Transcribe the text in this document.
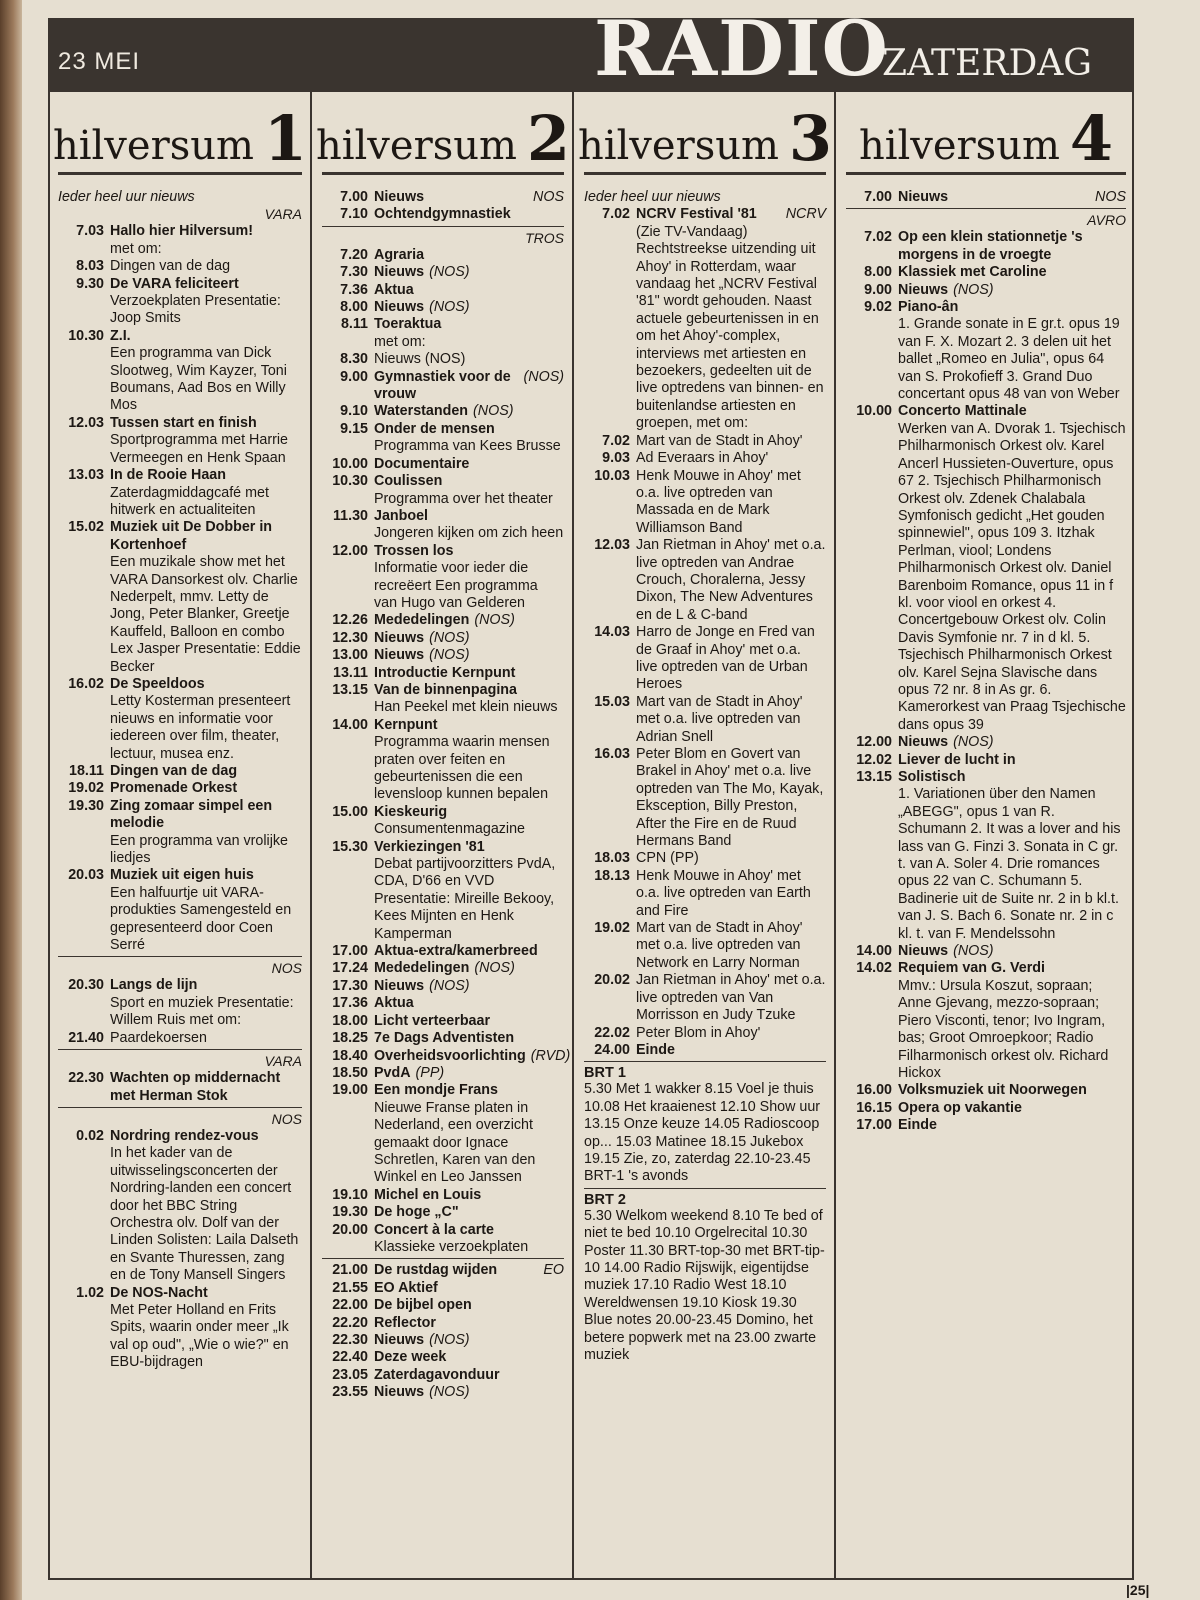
23 MEI	RADIO
ZATERDAG
hilversum 1
Ieder heel uur nieuws
VARA
7.03 Hallo hier Hilversum!
met om:
8.03 Dingen van de dag
9.30 De VARA feliciteert
Verzoekplaten Presentatie: Joop Smits
10.30 Z.I.
Een programma van Dick Slootweg, Wim Kayzer, Toni Boumans, Aad Bos en Willy Mos
12.03 Tussen start en finish
Sportprogramma met Harrie Vermeegen en Henk Spaan
13.03 In de Rooie Haan
Zaterdagmiddagcafé met hitwerk en actualiteiten
15.02 Muziek uit De Dobber in Kortenhoef
Een muzikale show met het VARA Dansorkest olv. Charlie Nederpelt, mmv. Letty de Jong, Peter Blanker, Greetje Kauffeld, Balloon en combo Lex Jasper Presentatie: Eddie Becker
16.02 De Speeldoos
Letty Kosterman presenteert nieuws en informatie voor iedereen over film, theater, lectuur, musea enz.
18.11 Dingen van de dag
19.02 Promenade Orkest
19.30 Zing zomaar simpel een melodie
Een programma van vrolijke liedjes
20.03 Muziek uit eigen huis
Een halfuurtje uit VARA-produkties Samengesteld en gepresenteerd door Coen Serré
NOS
20.30 Langs de lijn
Sport en muziek Presentatie: Willem Ruis met om:
21.40 Paardekoersen
VARA
22.30 Wachten op middernacht met Herman Stok
NOS
0.02 Nordring rendez-vous
In het kader van de uitwisselingsconcerten der Nordring-landen een concert door het BBC String Orchestra olv. Dolf van der Linden Solisten: Laila Dalseth en Svante Thuressen, zang en de Tony Mansell Singers
1.02 De NOS-Nacht
Met Peter Holland en Frits Spits, waarin onder meer „Ik val op oud", „Wie o wie?" en EBU-bijdragen
hilversum 2
7.00 Nieuws	NOS
7.10 Ochtendgymnastiek
TROS
7.20 Agraria
7.30 Nieuws (NOS)
7.36 Aktua
8.00 Nieuws (NOS)
8.11 Toeraktua
met om:
8.30 Nieuws (NOS)
9.00 Gymnastiek voor de vrouw
(NOS)
9.10 Waterstanden (NOS)
9.15 Onder de mensen
Programma van Kees Brusse
10.00 Documentaire
10.30 Coulissen
Programma over het theater
11.30 Janboel
Jongeren kijken om zich heen
12.00 Trossen los
Informatie voor ieder die recreëert Een programma van Hugo van Gelderen
12.26 Mededelingen (NOS)
12.30 Nieuws (NOS)
13.00 Nieuws (NOS)
13.11 Introductie Kernpunt
13.15 Van de binnenpagina
Han Peekel met klein nieuws
14.00 Kernpunt
Programma waarin mensen praten over feiten en gebeurtenissen die een levensloop kunnen bepalen
15.00 Kieskeurig
Consumentenmagazine
15.30 Verkiezingen '81
Debat partijvoorzitters PvdA, CDA, D'66 en VVD Presentatie: Mireille Bekooy, Kees Mijnten en Henk Kamperman
17.00 Aktua-extra/kamerbreed
17.24 Mededelingen (NOS)
17.30 Nieuws (NOS)
17.36 Aktua
18.00 Licht verteerbaar
18.25 7e Dags Adventisten
18.40 Overheidsvoorlichting (RVD)
18.50 PvdA (PP)
19.00 Een mondje Frans
Nieuwe Franse platen in Nederland, een overzicht gemaakt door Ignace Schretlen, Karen van den Winkel en Leo Janssen
19.10 Michel en Louis
19.30 De hoge „C"
20.00 Concert à la carte
Klassieke verzoekplaten
21.00 De rustdag wijden	EO
21.55 EO Aktief
22.00 De bijbel open
22.20 Reflector
22.30 Nieuws (NOS)
22.40 Deze week
23.05 Zaterdagavonduur
23.55 Nieuws (NOS)
hilversum 3
Ieder heel uur nieuws
7.02 NCRV Festival '81	NCRV
(Zie TV-Vandaag) Rechtstreekse uitzending uit Ahoy' in Rotterdam, waar vandaag het „NCRV Festival '81" wordt gehouden. Naast actuele gebeurtenissen in en om het Ahoy'-complex, interviews met artiesten en bezoekers, gedeelten uit de live optredens van binnen- en buitenlandse artiesten en groepen, met om:
7.02 Mart van de Stadt in Ahoy'
9.03 Ad Everaars in Ahoy'
10.03 Henk Mouwe in Ahoy' met o.a. live optreden van Massada en de Mark Williamson Band
12.03 Jan Rietman in Ahoy' met o.a. live optreden van Andrae Crouch, Choralerna, Jessy Dixon, The New Adventures en de L & C-band
14.03 Harro de Jonge en Fred van de Graaf in Ahoy' met o.a. live optreden van de Urban Heroes
15.03 Mart van de Stadt in Ahoy' met o.a. live optreden van Adrian Snell
16.03 Peter Blom en Govert van Brakel in Ahoy' met o.a. live optreden van The Mo, Kayak, Eksception, Billy Preston, After the Fire en de Ruud Hermans Band
18.03 CPN (PP)
18.13 Henk Mouwe in Ahoy' met o.a. live optreden van Earth and Fire
19.02 Mart van de Stadt in Ahoy' met o.a. live optreden van Network en Larry Norman
20.02 Jan Rietman in Ahoy' met o.a. live optreden van Van Morrisson en Judy Tzuke
22.02 Peter Blom in Ahoy'
24.00 Einde
BRT 1
5.30 Met 1 wakker 8.15 Voel je thuis 10.08 Het kraaienest 12.10 Show uur 13.15 Onze keuze 14.05 Radioscoop op... 15.03 Matinee 18.15 Jukebox 19.15 Zie, zo, zaterdag 22.10-23.45 BRT-1 's avonds
BRT 2
5.30 Welkom weekend 8.10 Te bed of niet te bed 10.10 Orgelrecital 10.30 Poster 11.30 BRT-top-30 met BRT-tip-10 14.00 Radio Rijswijk, eigentijdse muziek 17.10 Radio West 18.10 Wereldwensen 19.10 Kiosk 19.30 Blue notes 20.00-23.45 Domino, het betere popwerk met na 23.00 zwarte muziek
hilversum 4
7.00 Nieuws	NOS
AVRO
7.02 Op een klein stationnetje 's morgens in de vroegte
8.00 Klassiek met Caroline
9.00 Nieuws (NOS)
9.02 Piano-ân
1. Grande sonate in E gr.t. opus 19 van F. X. Mozart 2. 3 delen uit het ballet „Romeo en Julia", opus 64 van S. Prokofieff 3. Grand Duo concertant opus 48 van von Weber
10.00 Concerto Mattinale
Werken van A. Dvorak 1. Tsjechisch Philharmonisch Orkest olv. Karel Ancerl Hussieten-Ouverture, opus 67 2. Tsjechisch Philharmonisch Orkest olv. Zdenek Chalabala Symfonisch gedicht „Het gouden spinnewiel", opus 109 3. Itzhak Perlman, viool; Londens Philharmonisch Orkest olv. Daniel Barenboim Romance, opus 11 in f kl. voor viool en orkest 4. Concertgebouw Orkest olv. Colin Davis Symfonie nr. 7 in d kl. 5. Tsjechisch Philharmonisch Orkest olv. Karel Sejna Slavische dans opus 72 nr. 8 in As gr. 6. Kamerorkest van Praag Tsjechische dans opus 39
12.00 Nieuws (NOS)
12.02 Liever de lucht in
13.15 Solistisch
1. Variationen über den Namen „ABEGG", opus 1 van R. Schumann 2. It was a lover and his lass van G. Finzi 3. Sonata in C gr. t. van A. Soler 4. Drie romances opus 22 van C. Schumann 5. Badinerie uit de Suite nr. 2 in b kl.t. van J. S. Bach 6. Sonate nr. 2 in c kl. t. van F. Mendelssohn
14.00 Nieuws (NOS)
14.02 Requiem van G. Verdi
Mmv.: Ursula Koszut, sopraan; Anne Gjevang, mezzo-sopraan; Piero Visconti, tenor; Ivo Ingram, bas; Groot Omroepkoor; Radio Filharmonisch orkest olv. Richard Hickox
16.00 Volksmuziek uit Noorwegen
16.15 Opera op vakantie
17.00 Einde
|25|
